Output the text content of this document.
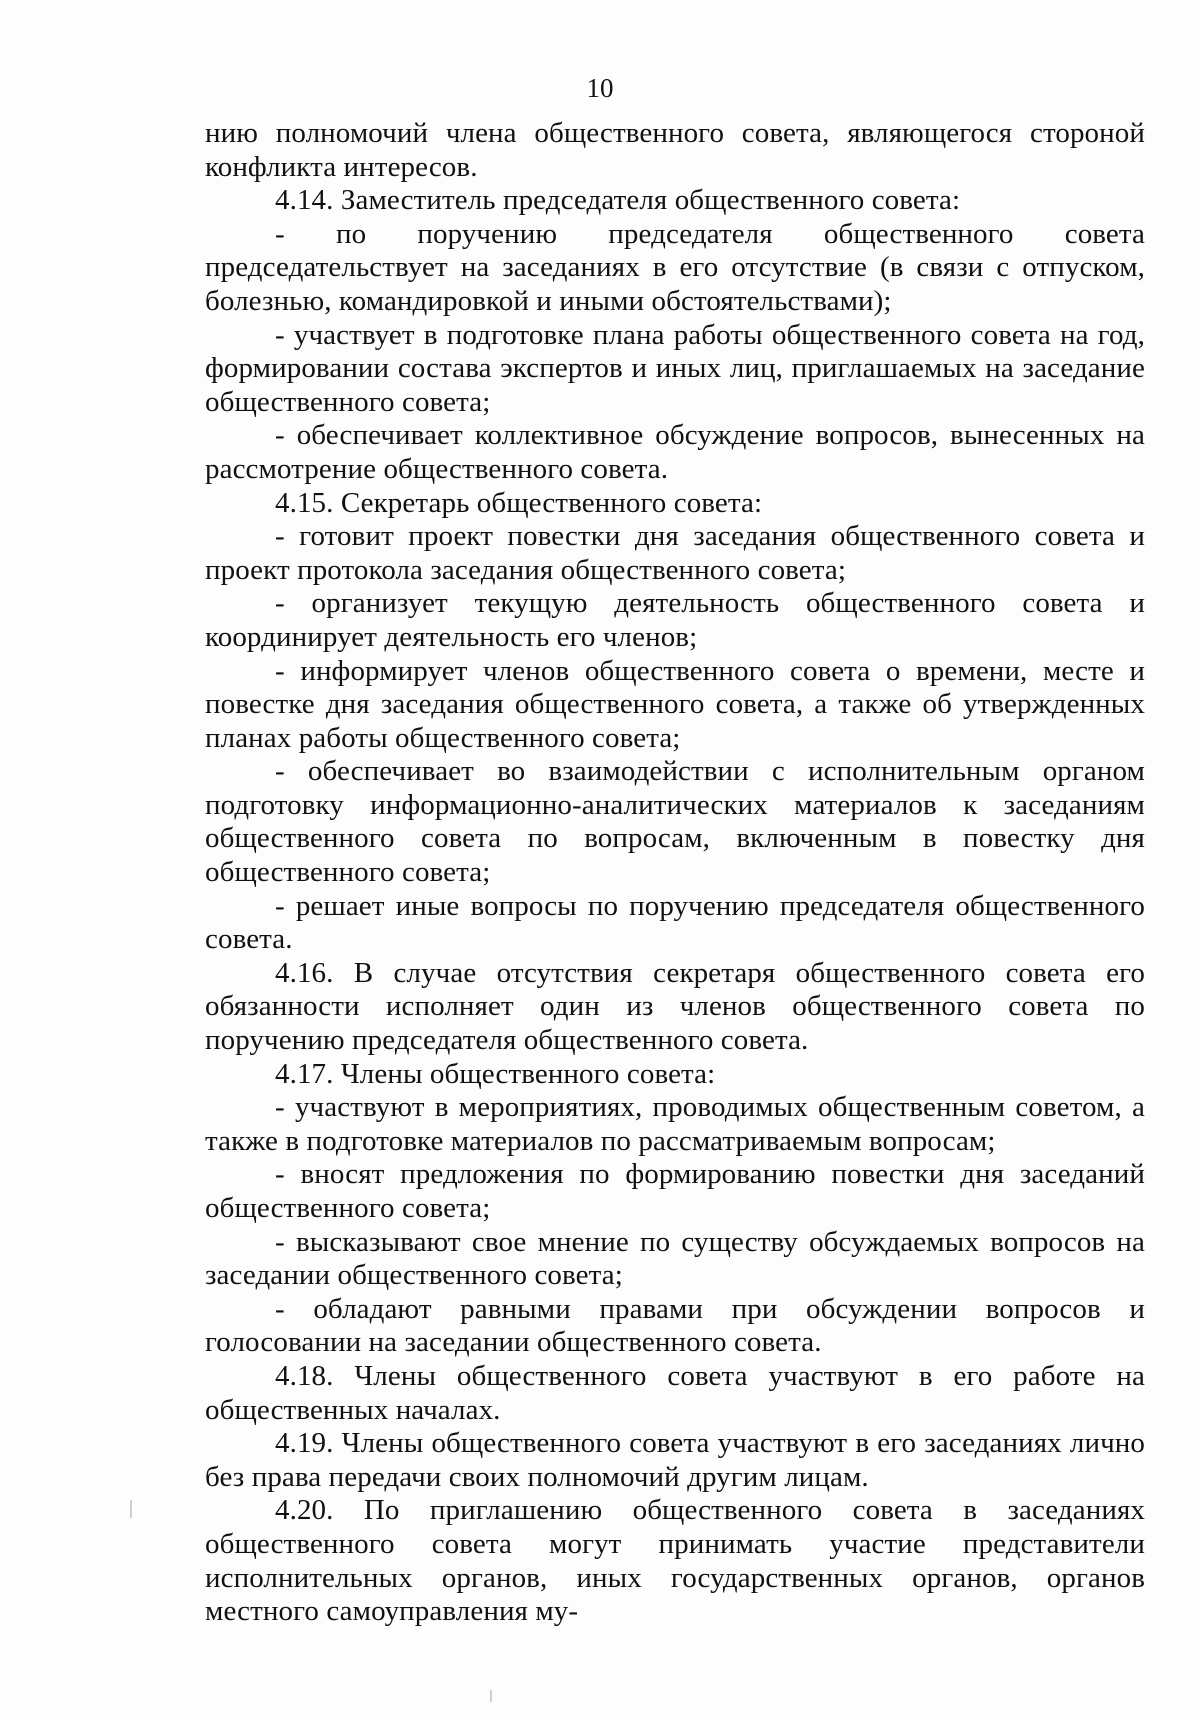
10

нию полномочий члена общественного совета, являющегося стороной конфликта интересов.

4.14. Заместитель председателя общественного совета:

- по поручению председателя общественного совета председательствует на заседаниях в его отсутствие (в связи с отпуском, болезнью, командировкой и иными обстоятельствами);

- участвует в подготовке плана работы общественного совета на год, формировании состава экспертов и иных лиц, приглашаемых на заседание общественного совета;

- обеспечивает коллективное обсуждение вопросов, вынесенных на рассмотрение общественного совета.

4.15. Секретарь общественного совета:

- готовит проект повестки дня заседания общественного совета и проект протокола заседания общественного совета;

- организует текущую деятельность общественного совета и координирует деятельность его членов;

- информирует членов общественного совета о времени, месте и повестке дня заседания общественного совета, а также об утвержденных планах работы общественного совета;

- обеспечивает во взаимодействии с исполнительным органом подготовку информационно-аналитических материалов к заседаниям общественного совета по вопросам, включенным в повестку дня общественного совета;

- решает иные вопросы по поручению председателя общественного совета.

4.16. В случае отсутствия секретаря общественного совета его обязанности исполняет один из членов общественного совета по поручению председателя общественного совета.

4.17. Члены общественного совета:

- участвуют в мероприятиях, проводимых общественным советом, а также в подготовке материалов по рассматриваемым вопросам;

- вносят предложения по формированию повестки дня заседаний общественного совета;

- высказывают свое мнение по существу обсуждаемых вопросов на заседании общественного совета;

- обладают равными правами при обсуждении вопросов и голосовании на заседании общественного совета.

4.18. Члены общественного совета участвуют в его работе на общественных началах.

4.19. Члены общественного совета участвуют в его заседаниях лично без права передачи своих полномочий другим лицам.

4.20. По приглашению общественного совета в заседаниях общественного совета могут принимать участие представители исполнительных органов, иных государственных органов, органов местного самоуправления му-
